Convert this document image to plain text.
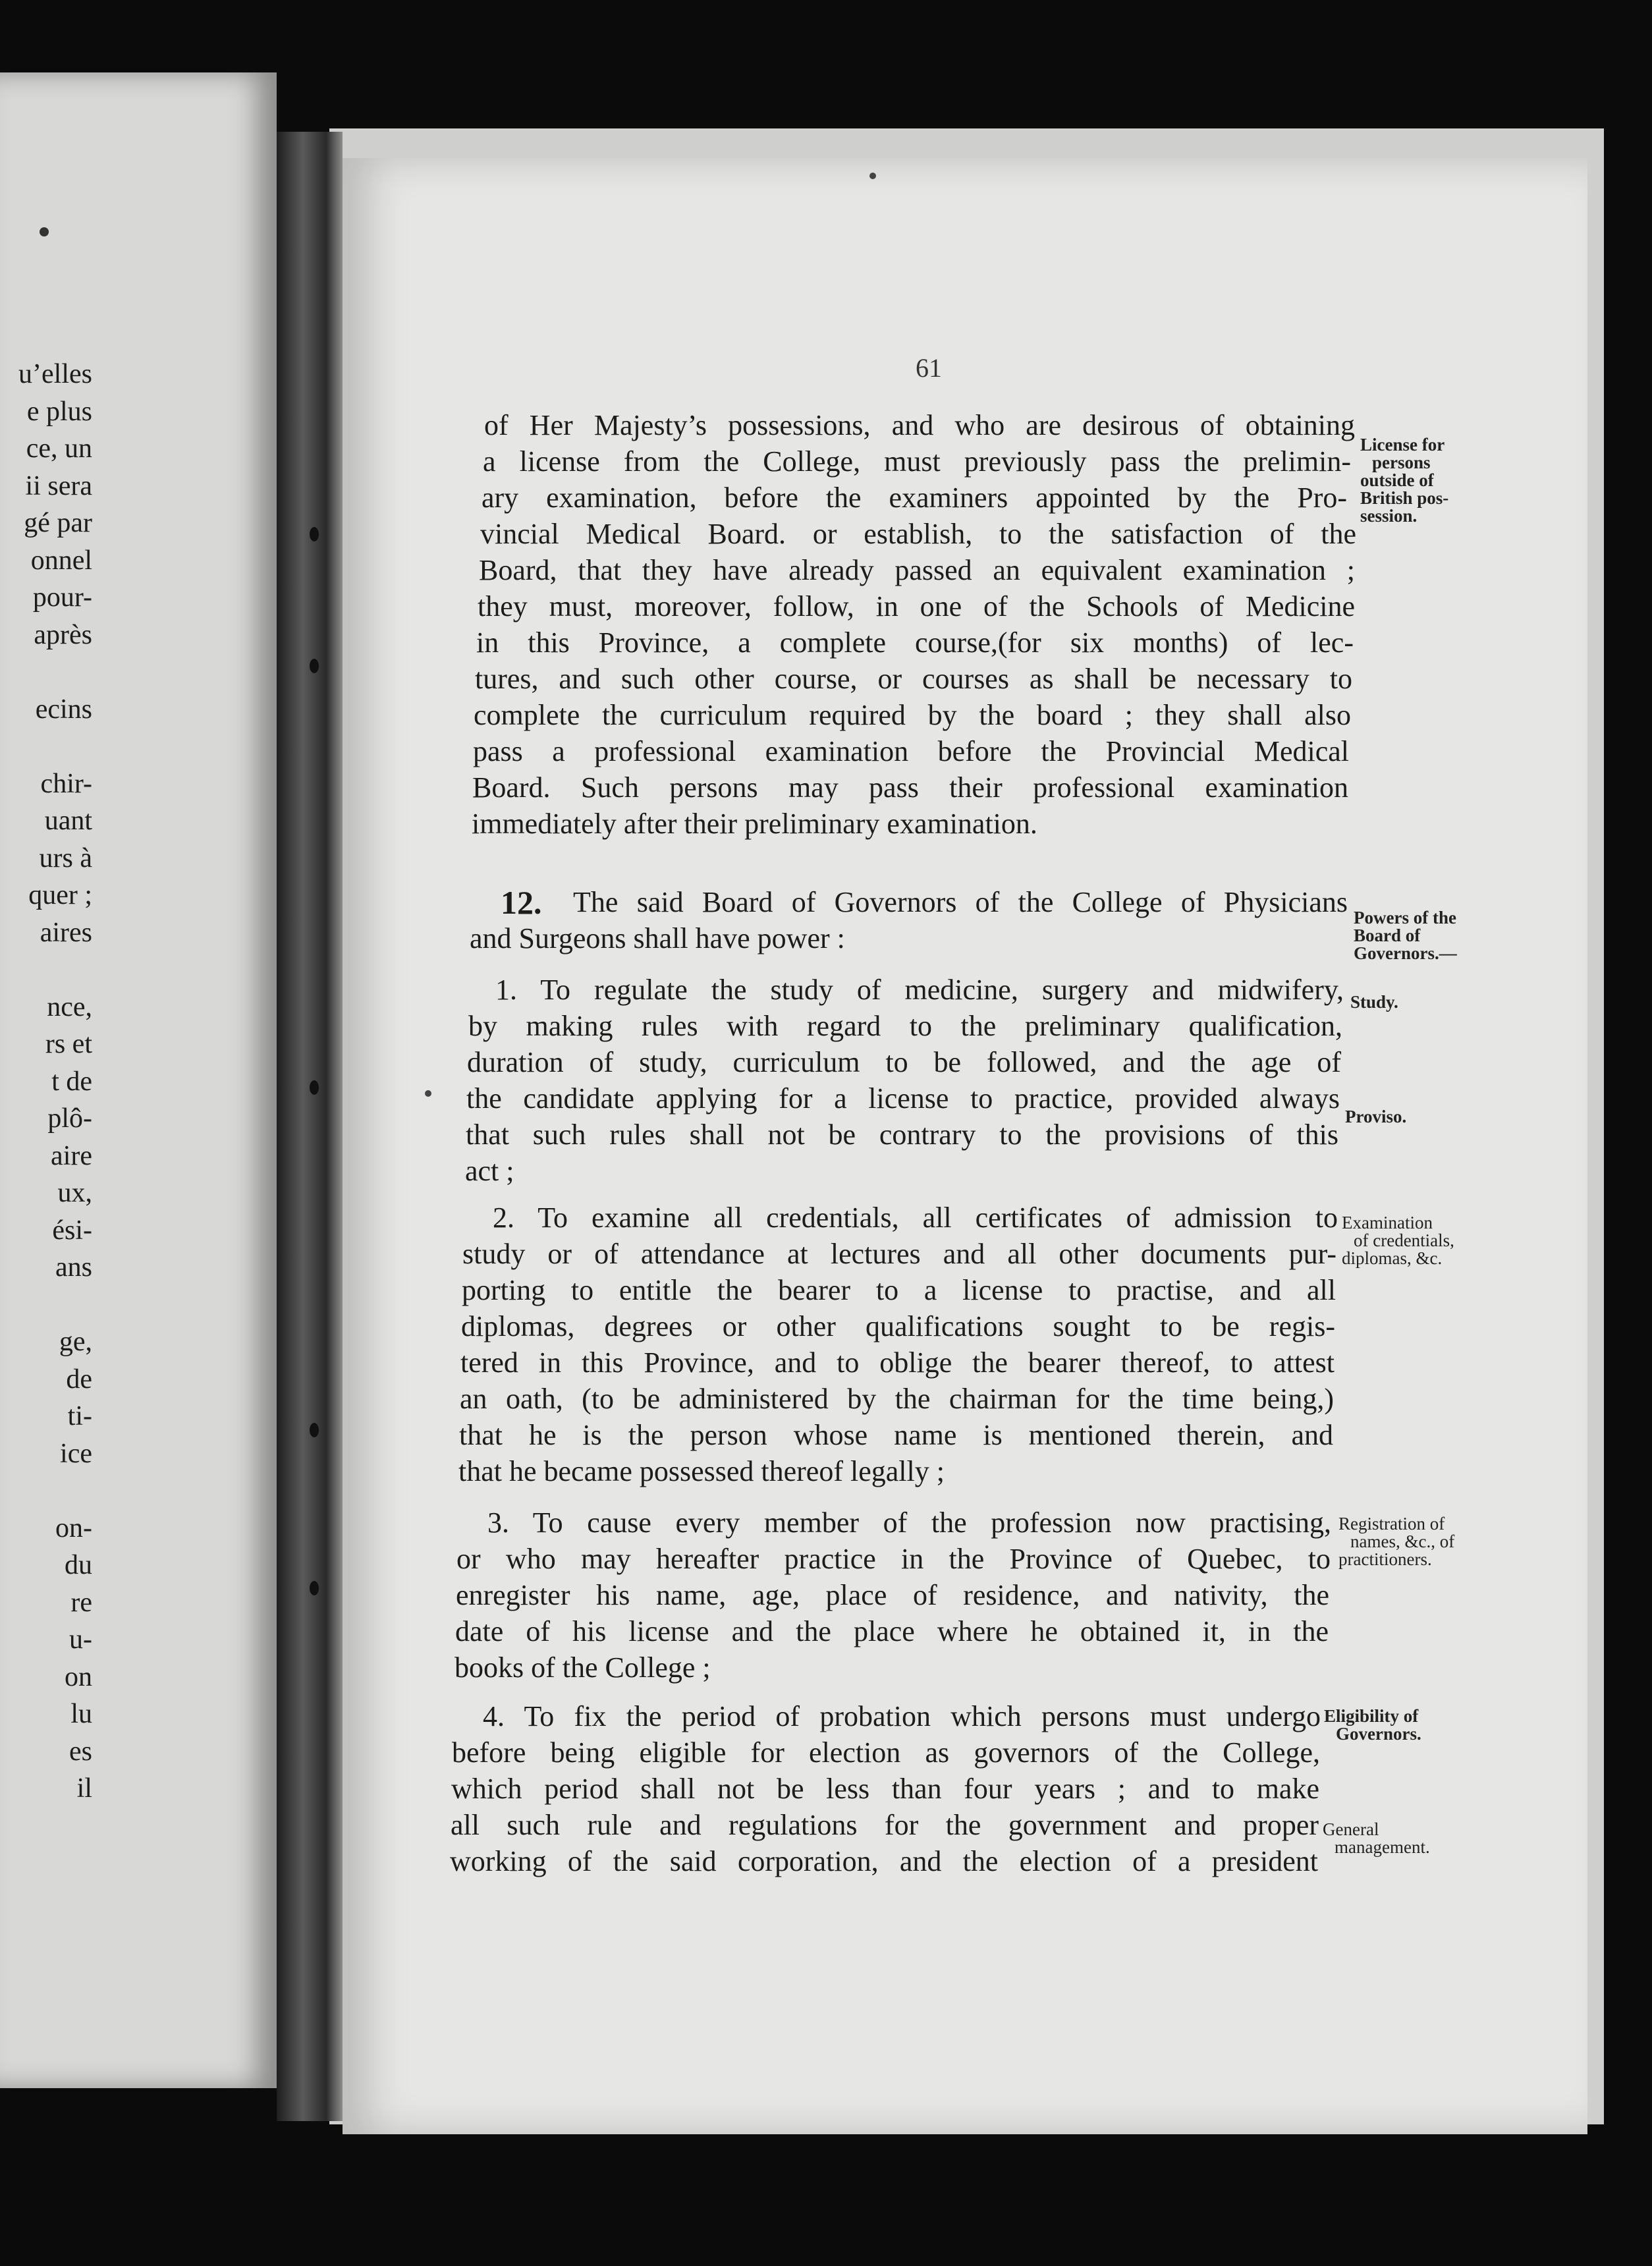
u’elles
e plus
ce, un
ii sera
gé par
onnel
pour-
après
ecins
chir-
uant
urs à
quer ;
aires
nce,
rs et
t de
plô-
aire
ux,
ési-
ans
ge,
de
ti-
ice
on-
du
re
u-
on
lu
es
il
61
of Her Majesty’s possessions, and who are desirous of obtaining
a license from the College, must previously pass the prelimin-
ary examination, before the examiners appointed by the Pro-
vincial Medical Board. or establish, to the satisfaction of the
Board, that they have already passed an equivalent examination ;
they must, moreover, follow, in one of the Schools of Medicine
in this Province, a complete course,(for six months) of lec-
tures, and such other course, or courses as shall be necessary to
complete the curriculum required by the board ; they shall also
pass a professional examination before the Provincial Medical
Board. Such persons may pass their professional examination
immediately after their preliminary examination.
12.	The said Board of Governors of the College of Physicians
and Surgeons shall have power :
1. To regulate the study of medicine, surgery and midwifery,
by making rules with regard to the preliminary qualification,
duration of study, curriculum to be followed, and the age of
the candidate applying for a license to practice, provided always
that such rules shall not be contrary to the provisions of this
act ;
2. To examine all credentials, all certificates of admission to
study or of attendance at lectures and all other documents pur-
porting to entitle the bearer to a license to practise, and all
diplomas, degrees or other qualifications sought to be regis-
tered in this Province, and to oblige the bearer thereof, to attest
an oath, (to be administered by the chairman for the time being,)
that he is the person whose name is mentioned therein, and
that he became possessed thereof legally ;
3. To cause every member of the profession now practising,
or who may hereafter practice in the Province of Quebec, to
enregister his name, age, place of residence, and nativity, the
date of his license and the place where he obtained it, in the
books of the College ;
4. To fix the period of probation which persons must undergo
before being eligible for election as governors of the College,
which period shall not be less than four years ; and to make
all such rule and regulations for the government and proper
working of the said corporation, and the election of a president
License for
persons
outside of
British pos-
session.
Powers of the
Board of
Governors.—
Study.
Proviso.
Examination
of credentials,
diplomas, &c.
Registration of
names, &c., of
practitioners.
Eligibility of
Governors.
General
management.
